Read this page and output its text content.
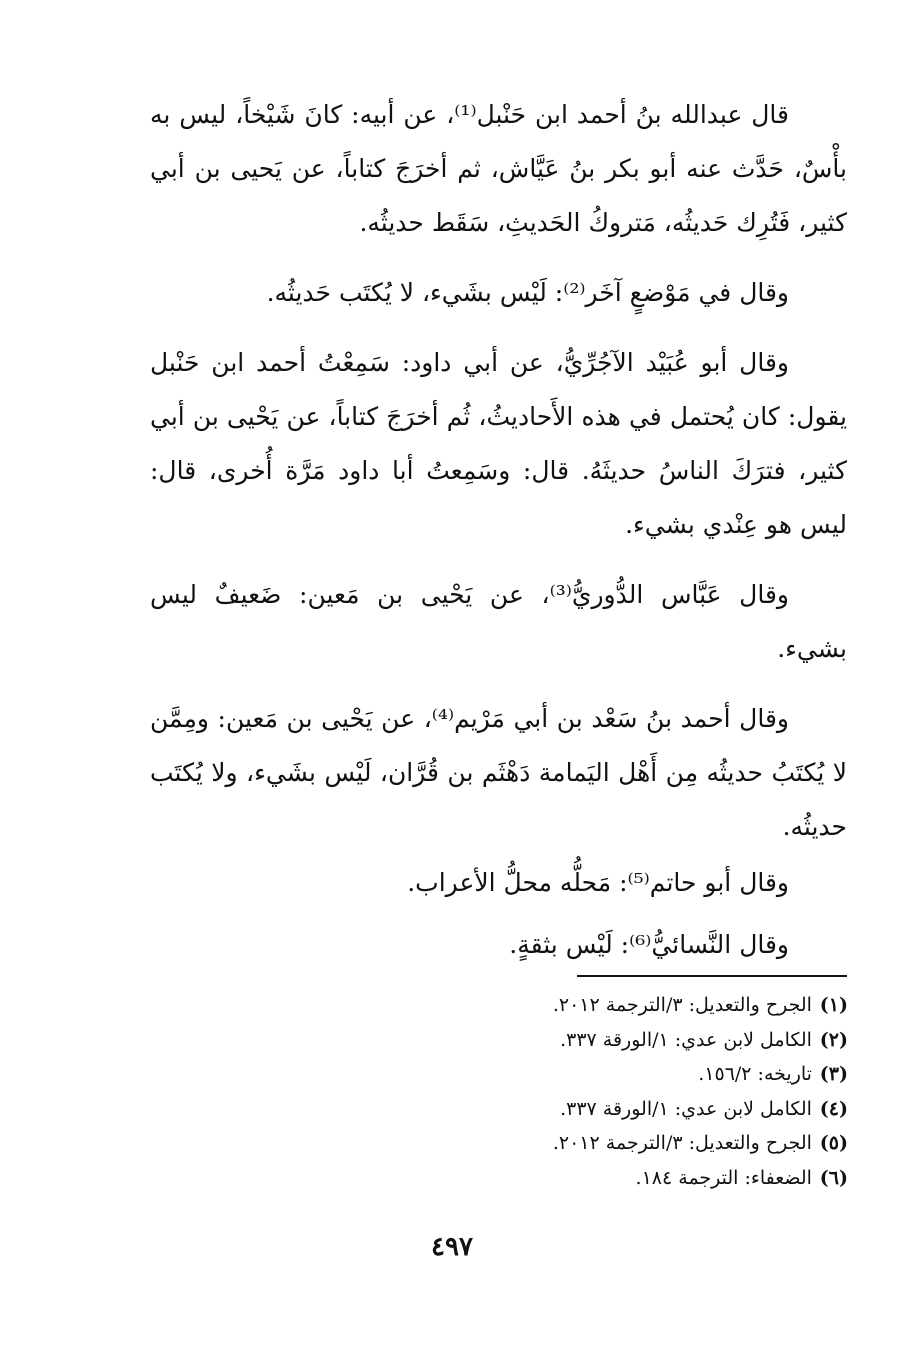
قال عبدالله بنُ أحمد ابن حَنْبل⁽¹⁾، عن أبيه: كانَ شَيْخاً، ليس به بأْسٌ، حَدَّث عنه أبو بكر بنُ عَيَّاش، ثم أخرَجَ كتاباً، عن يَحيى بن أبي كثير، فَتُرِك حَديثُه، مَتروكُ الحَديثِ، سَقَط حديثُه.

وقال في مَوْضعٍ آخَر⁽²⁾: لَيْس بشَيء، لا يُكتَب حَديثُه.

وقال أبو عُبَيْد الآجُرِّيُّ، عن أبي داود: سَمِعْتُ أحمد ابن حَنْبل يقول: كان يُحتمل في هذه الأَحاديثُ، ثُم أخرَجَ كتاباً، عن يَحْيى بن أبي كثير، فترَكَ الناسُ حديثَهُ. قال: وسَمِعتُ أبا داود مَرَّة أُخرى، قال: ليس هو عِنْدي بشيء.

وقال عَبَّاس الدُّوريُّ⁽³⁾، عن يَحْيى بن مَعين: ضَعيفٌ ليس بشيء.

وقال أحمد بنُ سَعْد بن أبي مَرْيم⁽⁴⁾، عن يَحْيى بن مَعين: ومِمَّن لا يُكتَبُ حديثُه مِن أَهْل اليَمامة دَهْثَم بن قُرَّان، لَيْس بشَيء، ولا يُكتَب حديثُه.

وقال أبو حاتم⁽⁵⁾: مَحلُّه محلُّ الأعراب.

وقال النَّسائيُّ⁽⁶⁾: لَيْس بثقةٍ.

(١) الجرح والتعديل: ٣/الترجمة ٢٠١٢.
(٢) الكامل لابن عدي: ١/الورقة ٣٣٧.
(٣) تاريخه: ١٥٦/٢.
(٤) الكامل لابن عدي: ١/الورقة ٣٣٧.
(٥) الجرح والتعديل: ٣/الترجمة ٢٠١٢.
(٦) الضعفاء: الترجمة ١٨٤.
٤٩٧
